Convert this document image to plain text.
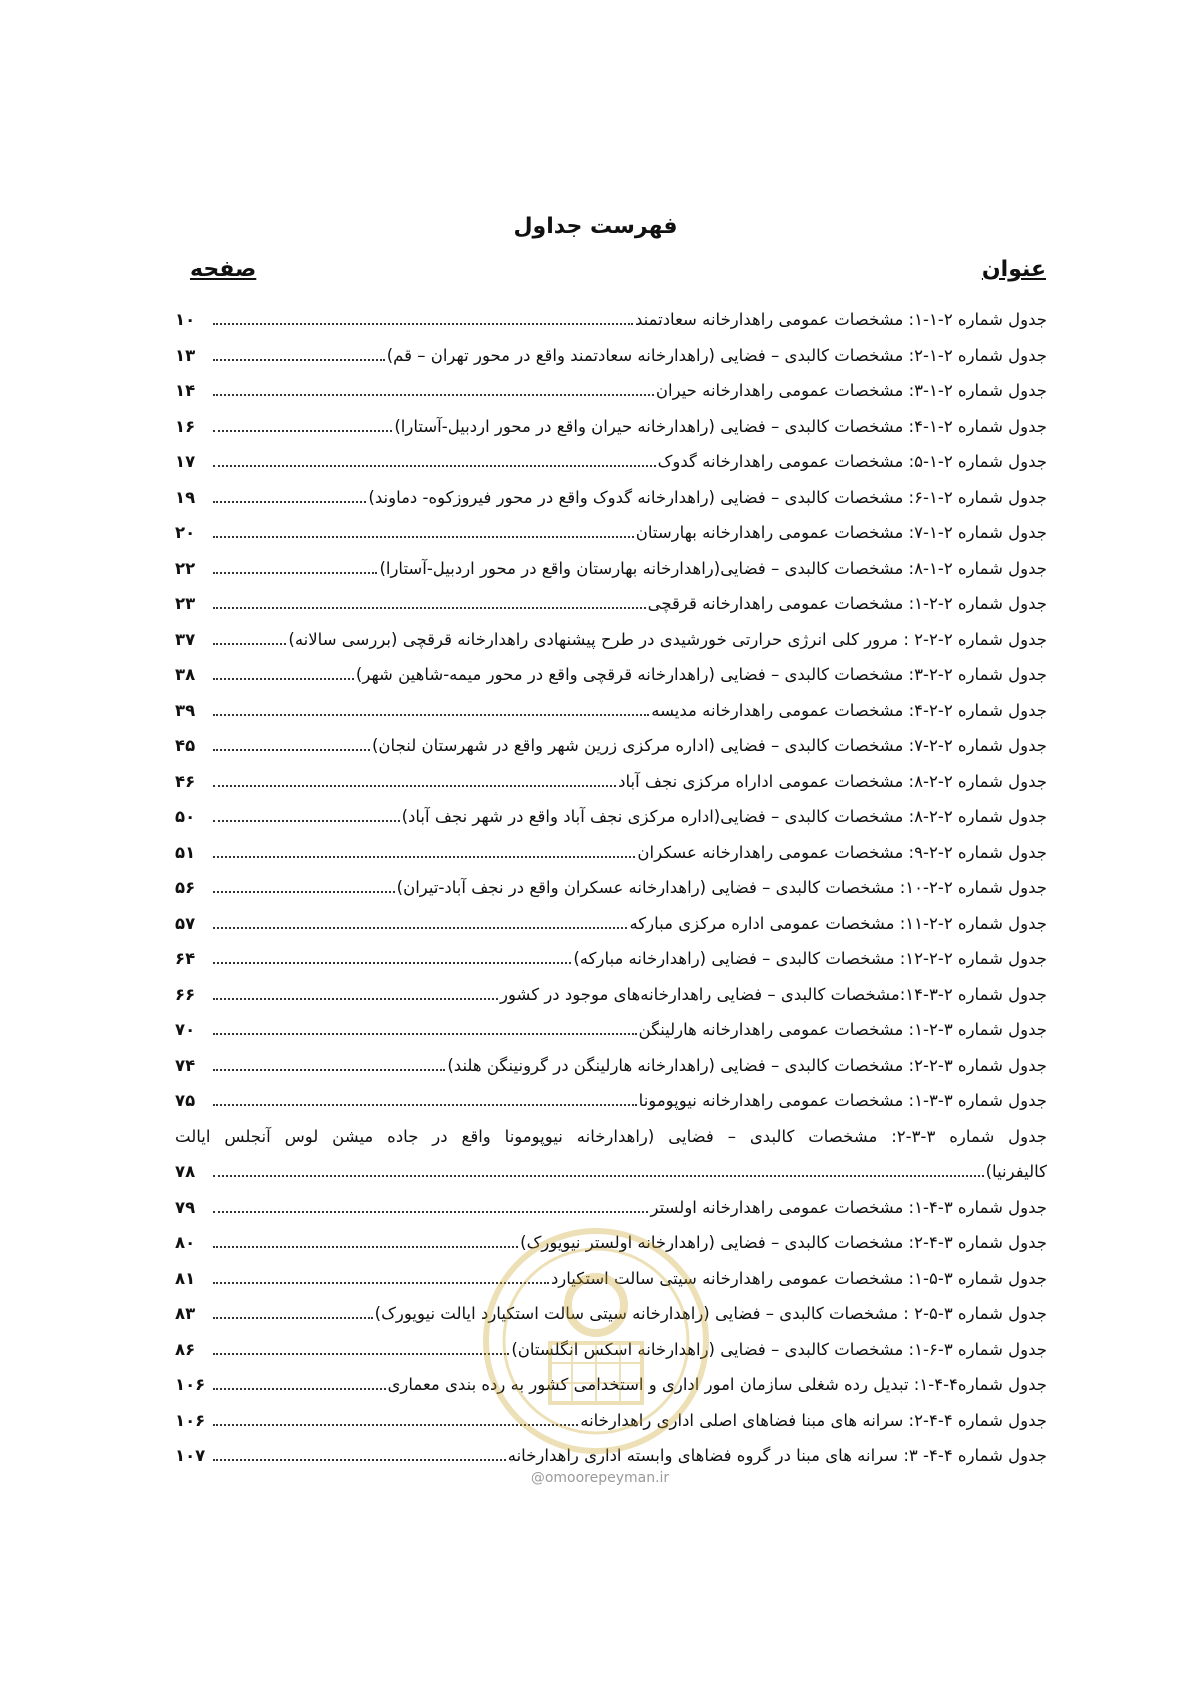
فهرست جداول
عنوان
صفحه
جدول شماره ۲-۱-۱: مشخصات عمومی راهدارخانه سعادتمند
۱۰
جدول شماره ۲-۱-۲: مشخصات کالبدی – فضایی (راهدارخانه سعادتمند واقع در محور تهران – قم)
۱۳
جدول شماره ۲-۱-۳: مشخصات عمومی راهدارخانه حیران
۱۴
جدول شماره ۲-۱-۴: مشخصات کالبدی – فضایی (راهدارخانه حیران واقع در محور اردبیل-آستارا)
۱۶
جدول شماره ۲-۱-۵: مشخصات عمومی راهدارخانه گدوک
۱۷
جدول شماره ۲-۱-۶: مشخصات کالبدی – فضایی (راهدارخانه گدوک واقع در محور فیروزکوه- دماوند)
۱۹
جدول شماره ۲-۱-۷: مشخصات عمومی راهدارخانه بهارستان
۲۰
جدول شماره ۲-۱-۸: مشخصات کالبدی – فضایی(راهدارخانه بهارستان واقع در محور اردبیل-آستارا)
۲۲
جدول شماره ۲-۲-۱: مشخصات عمومی راهدارخانه قرقچی
۲۳
جدول شماره ۲-۲-۲ : مرور کلی انرژی حرارتی خورشیدی در طرح پیشنهادی راهدارخانه قرقچی (بررسی سالانه)
۳۷
جدول شماره ۲-۲-۳: مشخصات کالبدی – فضایی (راهدارخانه قرقچی واقع در محور میمه-شاهین شهر)
۳۸
جدول شماره ۲-۲-۴: مشخصات عمومی راهدارخانه مدیسه
۳۹
جدول شماره ۲-۲-۷: مشخصات کالبدی – فضایی (اداره مرکزی زرین شهر واقع در شهرستان لنجان)
۴۵
جدول شماره ۲-۲-۸: مشخصات عمومی اداراه مرکزی نجف آباد
۴۶
جدول شماره ۲-۲-۸: مشخصات کالبدی – فضایی(اداره مرکزی نجف آباد واقع در شهر نجف آباد)
۵۰
جدول شماره ۲-۲-۹: مشخصات عمومی راهدارخانه عسکران
۵۱
جدول شماره ۲-۲-۱۰: مشخصات کالبدی – فضایی (راهدارخانه عسکران واقع در نجف آباد-تیران)
۵۶
جدول شماره ۲-۲-۱۱: مشخصات عمومی اداره مرکزی مبارکه
۵۷
جدول شماره ۲-۲-۱۲: مشخصات کالبدی – فضایی (راهدارخانه مبارکه)
۶۴
جدول شماره ۲-۳-۱۴:مشخصات کالبدی – فضایی راهدارخانه‌های موجود در کشور
۶۶
جدول شماره ۳-۲-۱: مشخصات عمومی راهدارخانه هارلینگن
۷۰
جدول شماره ۳-۲-۲: مشخصات کالبدی – فضایی (راهدارخانه هارلینگن در گرونینگن هلند)
۷۴
جدول شماره ۳-۳-۱: مشخصات عمومی راهدارخانه نیوپومونا
۷۵
جدول شماره ۳-۳-۲: مشخصات کالبدی – فضایی (راهدارخانه نیوپومونا واقع در جاده میشن لوس آنجلس ایالت
کالیفرنیا)
۷۸
جدول شماره ۳-۴-۱: مشخصات عمومی راهدارخانه اولستر
۷۹
جدول شماره ۳-۴-۲: مشخصات کالبدی – فضایی (راهدارخانه اولستر نیویورک)
۸۰
جدول شماره ۳-۵-۱: مشخصات عمومی راهدارخانه سیتی سالت استکیارد
۸۱
جدول شماره ۳-۵-۲ : مشخصات کالبدی – فضایی (راهدارخانه سیتی سالت استکیارد ایالت نیویورک)
۸۳
جدول شماره ۳-۶-۱: مشخصات کالبدی – فضایی (راهدارخانه اسکس انگلستان)
۸۶
جدول شماره۴-۴-۱: تبدیل رده شغلی سازمان امور اداری و استخدامی کشور به رده بندی معماری
۱۰۶
جدول شماره ۴-۴-۲: سرانه های مبنا فضاهای اصلی اداری راهدارخانه
۱۰۶
جدول شماره ۴-۴- ۳: سرانه های مبنا در گروه فضاهای وابسته اداری راهدارخانه
۱۰۷
@omoorepeyman.ir
